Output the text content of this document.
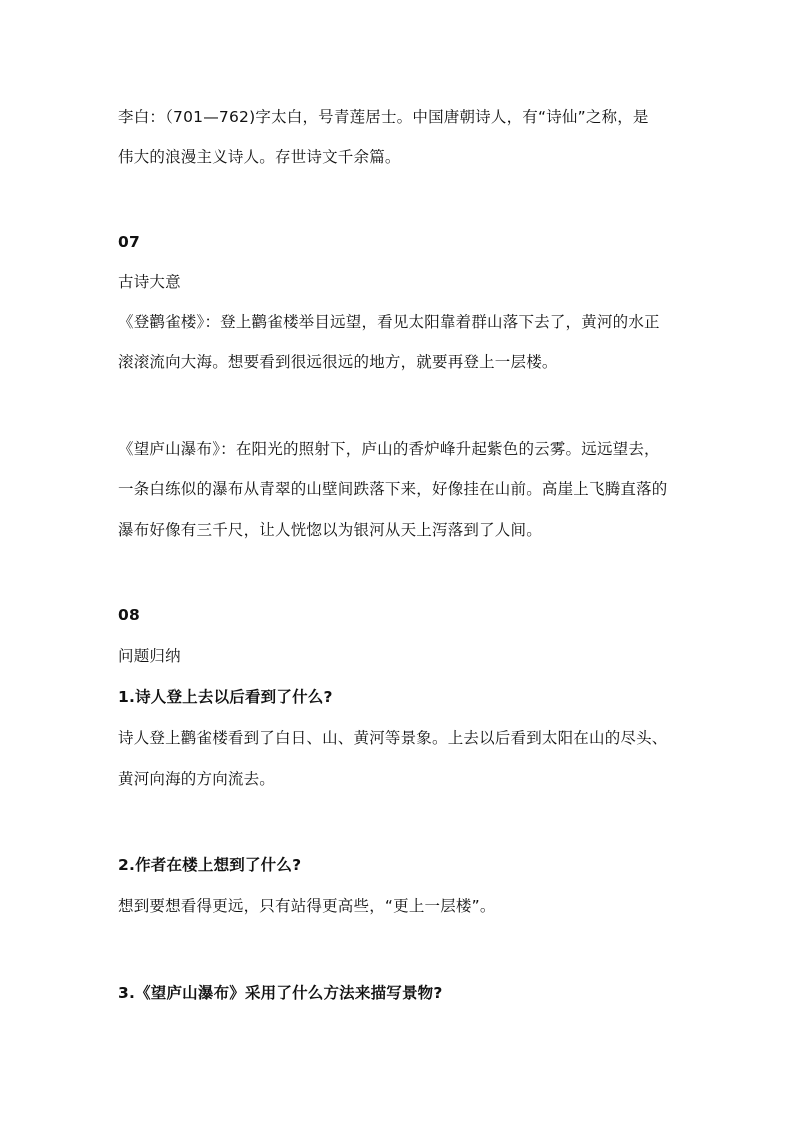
李白：（701—762)字太白，号青莲居士。中国唐朝诗人，有“诗仙”之称，是
伟大的浪漫主义诗人。存世诗文千余篇。
07
古诗大意
《登鹳雀楼》：登上鹳雀楼举目远望，看见太阳靠着群山落下去了，黄河的水正
滚滚流向大海。想要看到很远很远的地方，就要再登上一层楼。
《望庐山瀑布》：在阳光的照射下，庐山的香炉峰升起紫色的云雾。远远望去，
一条白练似的瀑布从青翠的山壁间跌落下来，好像挂在山前。高崖上飞腾直落的
瀑布好像有三千尺，让人恍惚以为银河从天上泻落到了人间。
08
问题归纳
1.诗人登上去以后看到了什么?
诗人登上鹳雀楼看到了白日、山、黄河等景象。上去以后看到太阳在山的尽头、
黄河向海的方向流去。
2.作者在楼上想到了什么?
想到要想看得更远，只有站得更高些，“更上一层楼”。
3.《望庐山瀑布》采用了什么方法来描写景物?
